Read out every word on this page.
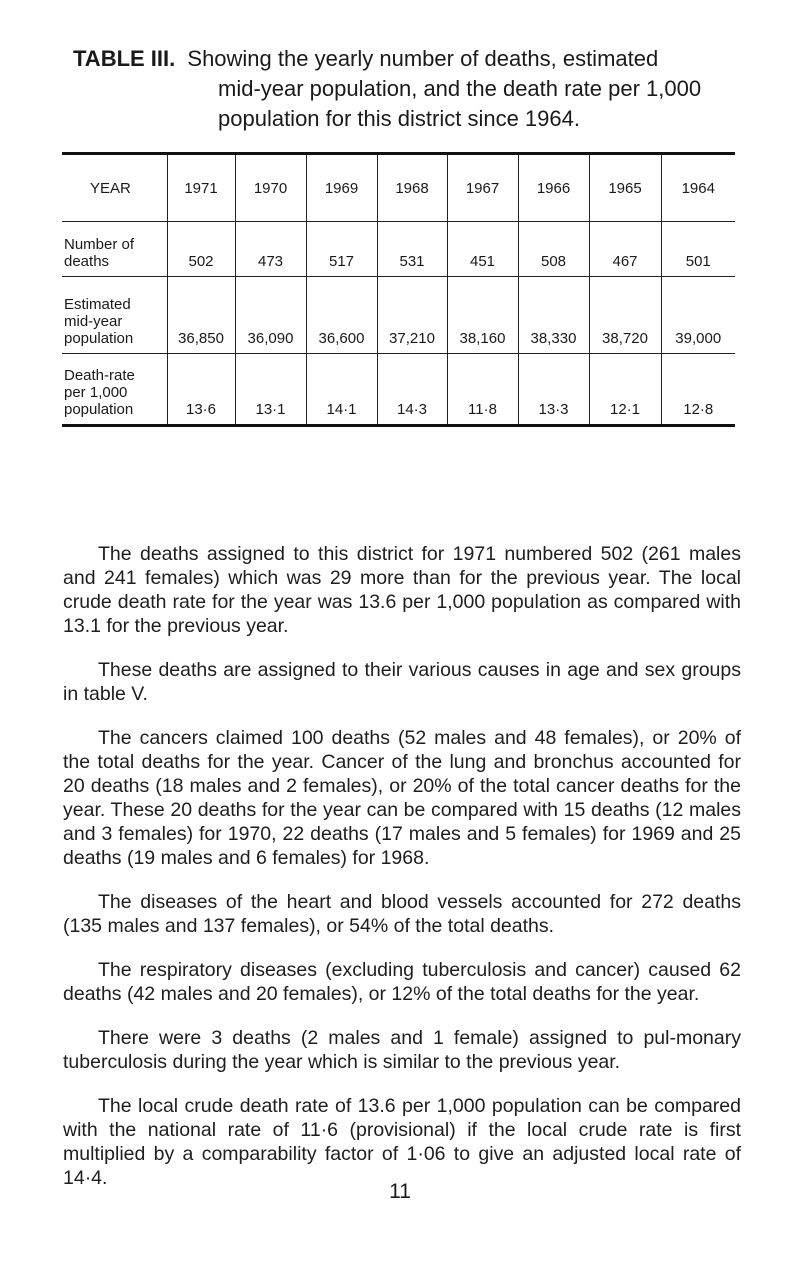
TABLE III. Showing the yearly number of deaths, estimated
mid-year population, and the death rate per 1,000
population for this district since 1964.
YEAR	1971	1970	1969	1968	1967	1966	1965	1964
Number of deaths	502	473	517	531	451	508	467	501
Estimated mid-year population	36,850	36,090	36,600	37,210	38,160	38,330	38,720	39,000
Death-rate per 1,000 population	13·6	13·1	14·1	14·3	11·8	13·3	12·1	12·8

The deaths assigned to this district for 1971 numbered 502 (261 males and 241 females) which was 29 more than for the previous year. The local crude death rate for the year was 13.6 per 1,000 population as compared with 13.1 for the previous year.

These deaths are assigned to their various causes in age and sex groups in table V.

The cancers claimed 100 deaths (52 males and 48 females), or 20% of the total deaths for the year. Cancer of the lung and bronchus accounted for 20 deaths (18 males and 2 females), or 20% of the total cancer deaths for the year. These 20 deaths for the year can be compared with 15 deaths (12 males and 3 females) for 1970, 22 deaths (17 males and 5 females) for 1969 and 25 deaths (19 males and 6 females) for 1968.

The diseases of the heart and blood vessels accounted for 272 deaths (135 males and 137 females), or 54% of the total deaths.

The respiratory diseases (excluding tuberculosis and cancer) caused 62 deaths (42 males and 20 females), or 12% of the total deaths for the year.

There were 3 deaths (2 males and 1 female) assigned to pul-monary tuberculosis during the year which is similar to the previous year.

The local crude death rate of 13.6 per 1,000 population can be compared with the national rate of 11·6 (provisional) if the local crude rate is first multiplied by a comparability factor of 1·06 to give an adjusted local rate of 14·4.

11
